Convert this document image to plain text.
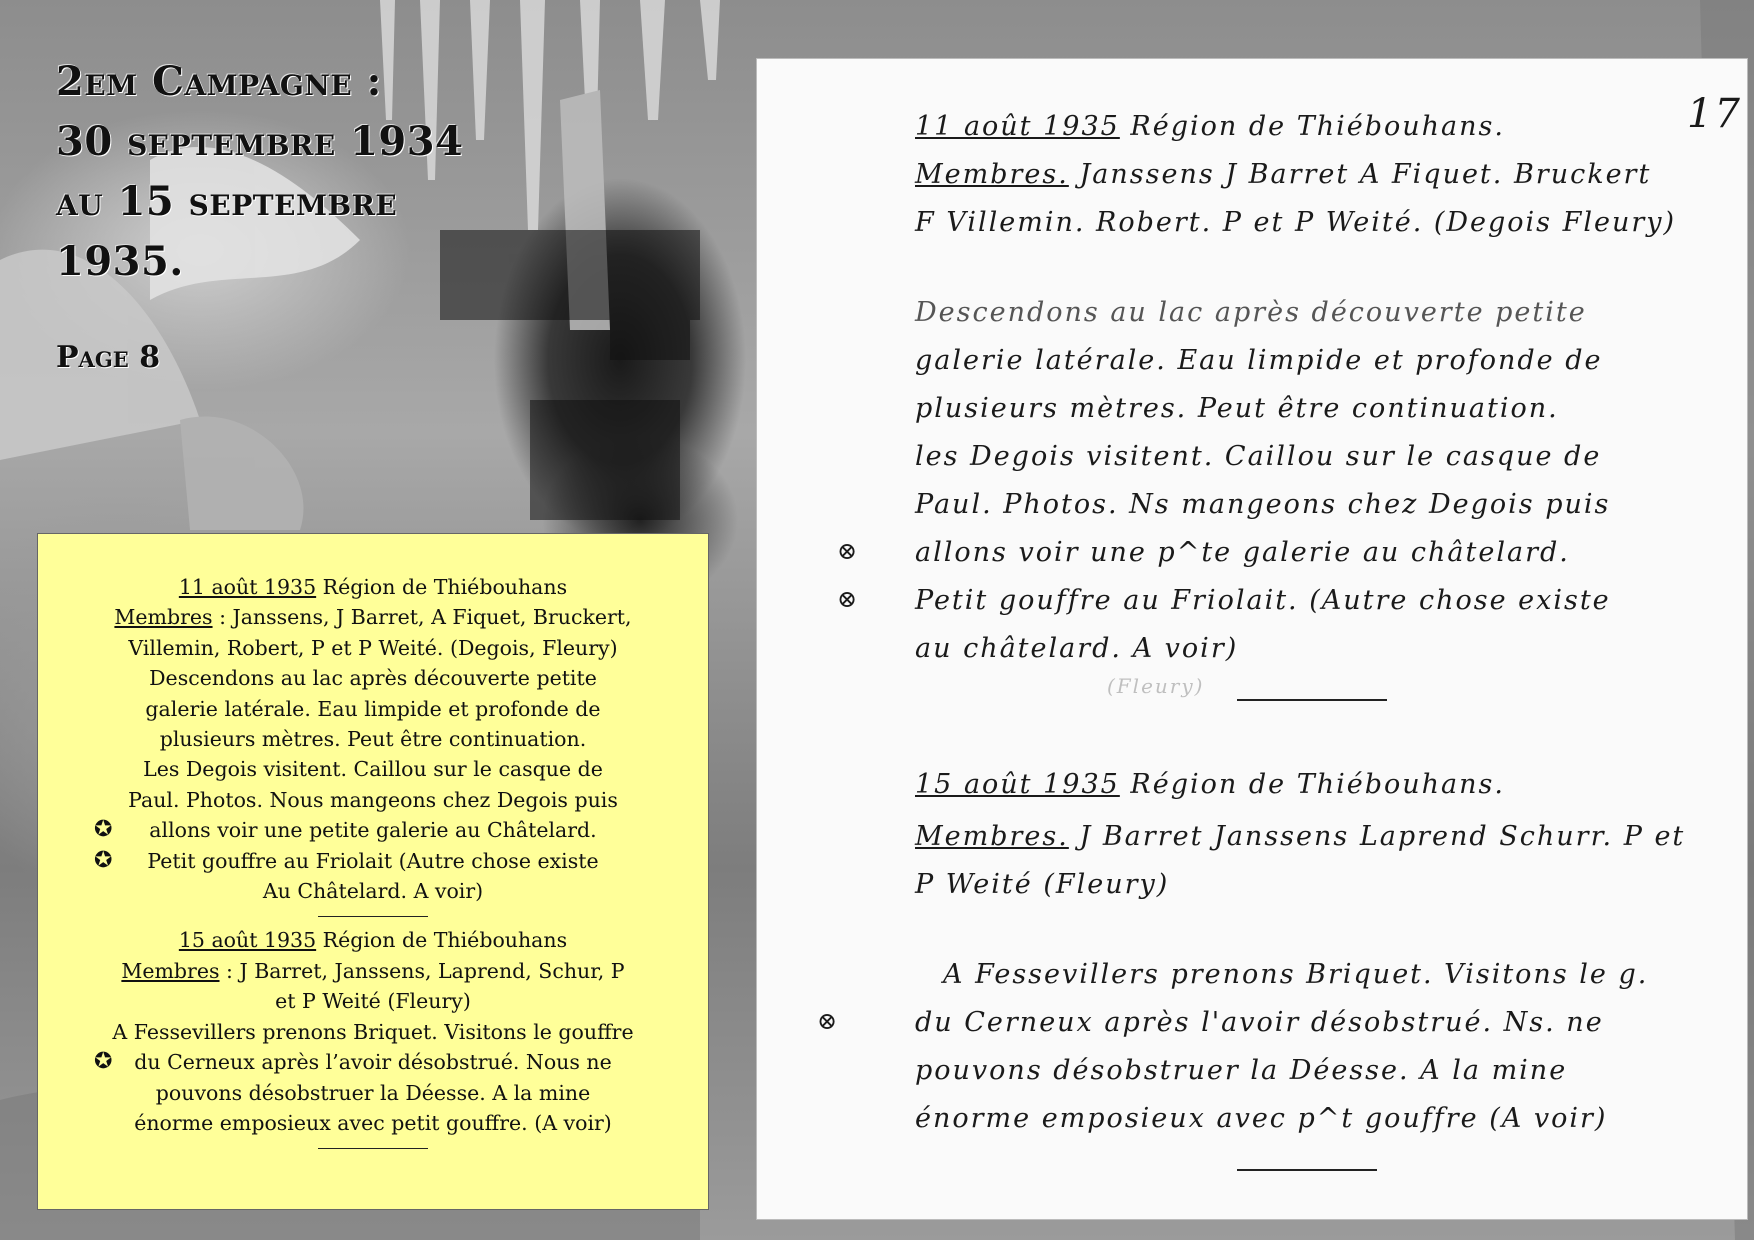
2em Campagne :
30 septembre 1934
au 15 septembre
1935.
Page 8
11 août 1935 Région de Thiébouhans
Membres : Janssens, J Barret, A Fiquet, Bruckert,
Villemin, Robert, P et P Weité. (Degois, Fleury)
Descendons au lac après découverte petite
galerie latérale. Eau limpide et profonde de
plusieurs mètres. Peut être continuation.
Les Degois visitent. Caillou sur le casque de
Paul. Photos. Nous mangeons chez Degois puis
✪ allons voir une petite galerie au Châtelard.
✪ Petit gouffre au Friolait (Autre chose existe
Au Châtelard. A voir)
15 août 1935 Région de Thiébouhans
Membres : J Barret, Janssens, Laprend, Schur, P
et P Weité (Fleury)
A Fessevillers prenons Briquet. Visitons le gouffre
✪ du Cerneux après l’avoir désobstrué. Nous ne
pouvons désobstruer la Déesse. A la mine
énorme emposieux avec petit gouffre. (A voir)
17
11 août 1935 Région de Thiébouhans.
Membres. Janssens J Barret A Fiquet. Bruckert
F Villemin. Robert. P et P Weité. (Degois Fleury)
Descendons au lac après découverte petite
galerie latérale. Eau limpide et profonde de
plusieurs mètres. Peut être continuation.
les Degois visitent. Caillou sur le casque de
Paul. Photos. Ns mangeons chez Degois puis
⊗ allons voir une p^te galerie au châtelard.
⊗ Petit gouffre au Friolait. (Autre chose existe
au châtelard. A voir)
(Fleury)
15 août 1935 Région de Thiébouhans.
Membres. J Barret Janssens Laprend Schurr. P et
P Weité (Fleury)
A Fessevillers prenons Briquet. Visitons le g.
⊗	du Cerneux après l'avoir désobstrué. Ns. ne
pouvons désobstruer la Déesse. A la mine
énorme emposieux avec p^t gouffre (A voir)
